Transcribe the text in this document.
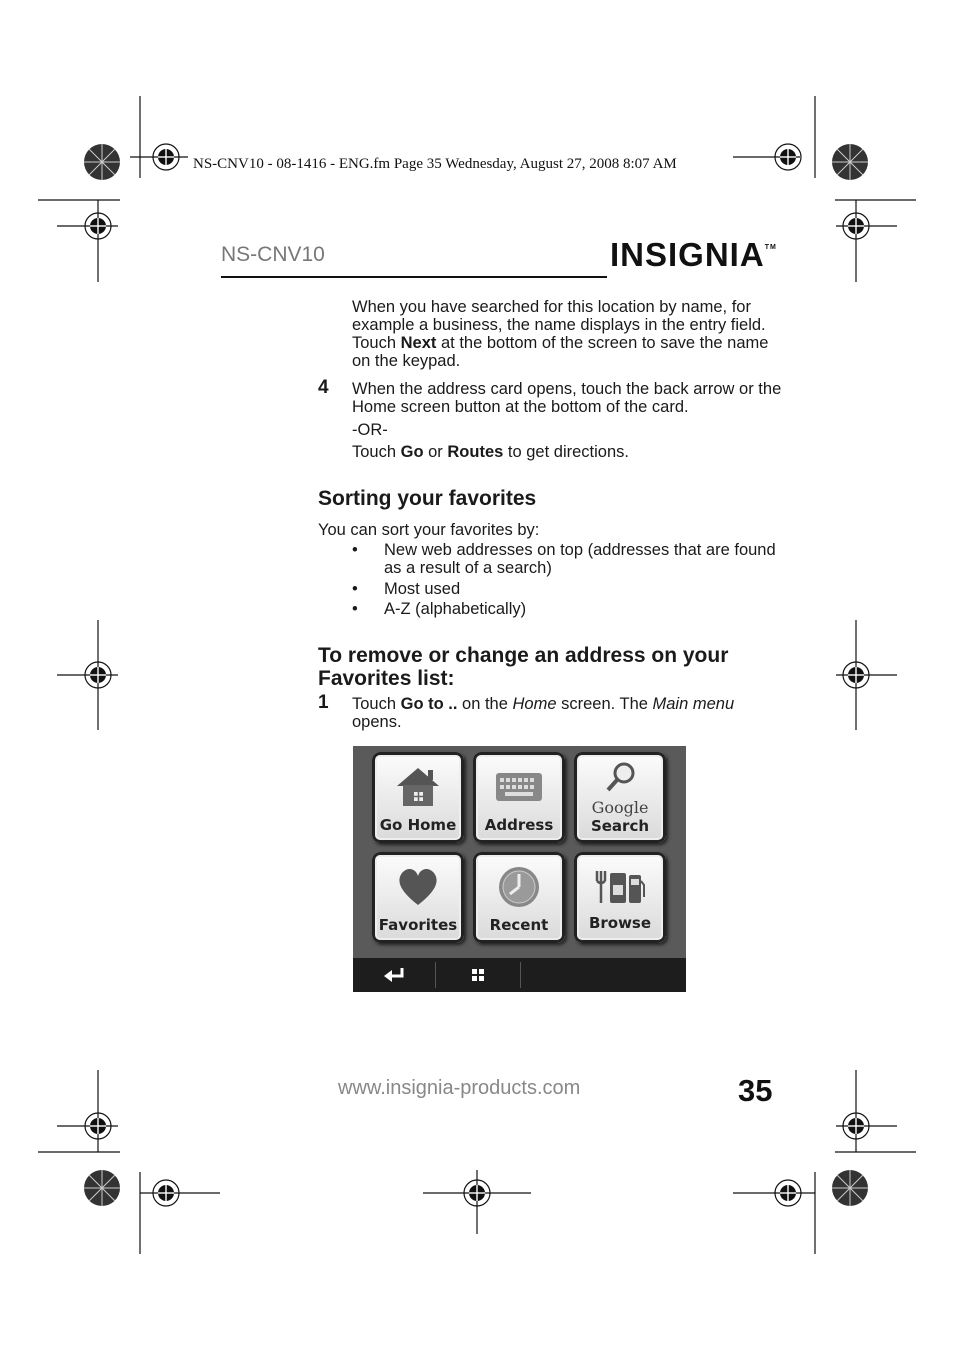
NS-CNV10 - 08-1416 - ENG.fm Page 35 Wednesday, August 27, 2008 8:07 AM
NS-CNV10	INSIGNIA™
When you have searched for this location by name, for example a business, the name displays in the entry field. Touch Next at the bottom of the screen to save the name on the keypad.
4 When the address card opens, touch the back arrow or the Home screen button at the bottom of the card.
-OR-
Touch Go or Routes to get directions.
Sorting your favorites
You can sort your favorites by:
• New web addresses on top (addresses that are found as a result of a search)
• Most used
• A-Z (alphabetically)
To remove or change an address on your Favorites list:
1 Touch Go to .. on the Home screen. The Main menu opens.
Go Home	Address
Google
Search
Favorites	Recent	Browse
www.insignia-products.com	35
